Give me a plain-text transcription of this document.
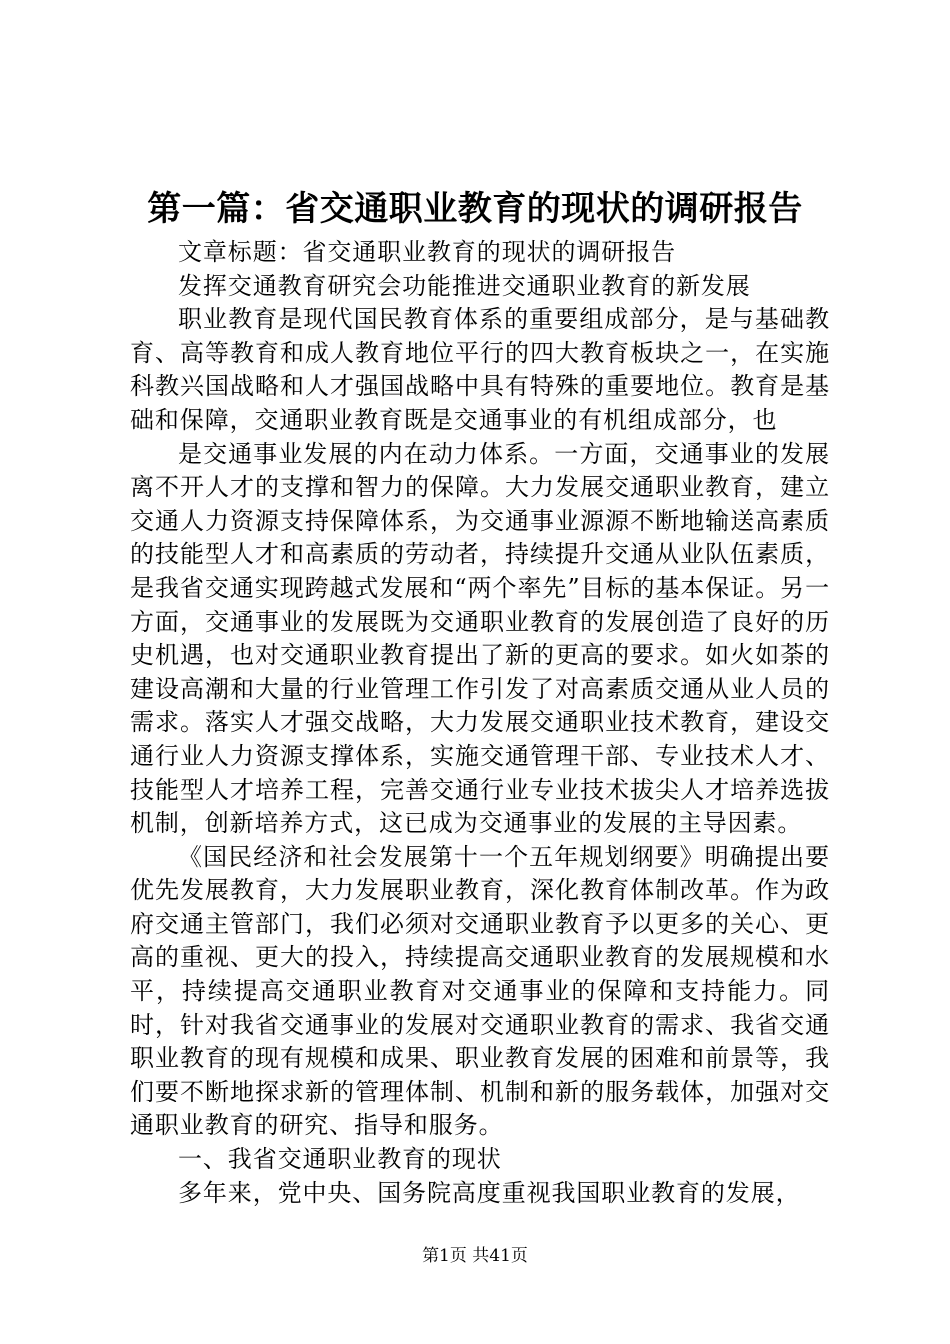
第一篇：省交通职业教育的现状的调研报告

文章标题：省交通职业教育的现状的调研报告

发挥交通教育研究会功能推进交通职业教育的新发展

职业教育是现代国民教育体系的重要组成部分，是与基础教育、高等教育和成人教育地位平行的四大教育板块之一，在实施科教兴国战略和人才强国战略中具有特殊的重要地位。教育是基础和保障，交通职业教育既是交通事业的有机组成部分，也

是交通事业发展的内在动力体系。一方面，交通事业的发展离不开人才的支撑和智力的保障。大力发展交通职业教育，建立交通人力资源支持保障体系，为交通事业源源不断地输送高素质的技能型人才和高素质的劳动者，持续提升交通从业队伍素质，是我省交通实现跨越式发展和“两个率先”目标的基本保证。另一方面，交通事业的发展既为交通职业教育的发展创造了良好的历史机遇，也对交通职业教育提出了新的更高的要求。如火如荼的建设高潮和大量的行业管理工作引发了对高素质交通从业人员的需求。落实人才强交战略，大力发展交通职业技术教育，建设交通行业人力资源支撑体系，实施交通管理干部、专业技术人才、技能型人才培养工程，完善交通行业专业技术拔尖人才培养选拔机制，创新培养方式，这已成为交通事业的发展的主导因素。

《国民经济和社会发展第十一个五年规划纲要》明确提出要优先发展教育，大力发展职业教育，深化教育体制改革。作为政府交通主管部门，我们必须对交通职业教育予以更多的关心、更高的重视、更大的投入，持续提高交通职业教育的发展规模和水平，持续提高交通职业教育对交通事业的保障和支持能力。同时，针对我省交通事业的发展对交通职业教育的需求、我省交通职业教育的现有规模和成果、职业教育发展的困难和前景等，我们要不断地探求新的管理体制、机制和新的服务载体，加强对交通职业教育的研究、指导和服务。

一、我省交通职业教育的现状

多年来，党中央、国务院高度重视我国职业教育的发展，

第1页 共41页
